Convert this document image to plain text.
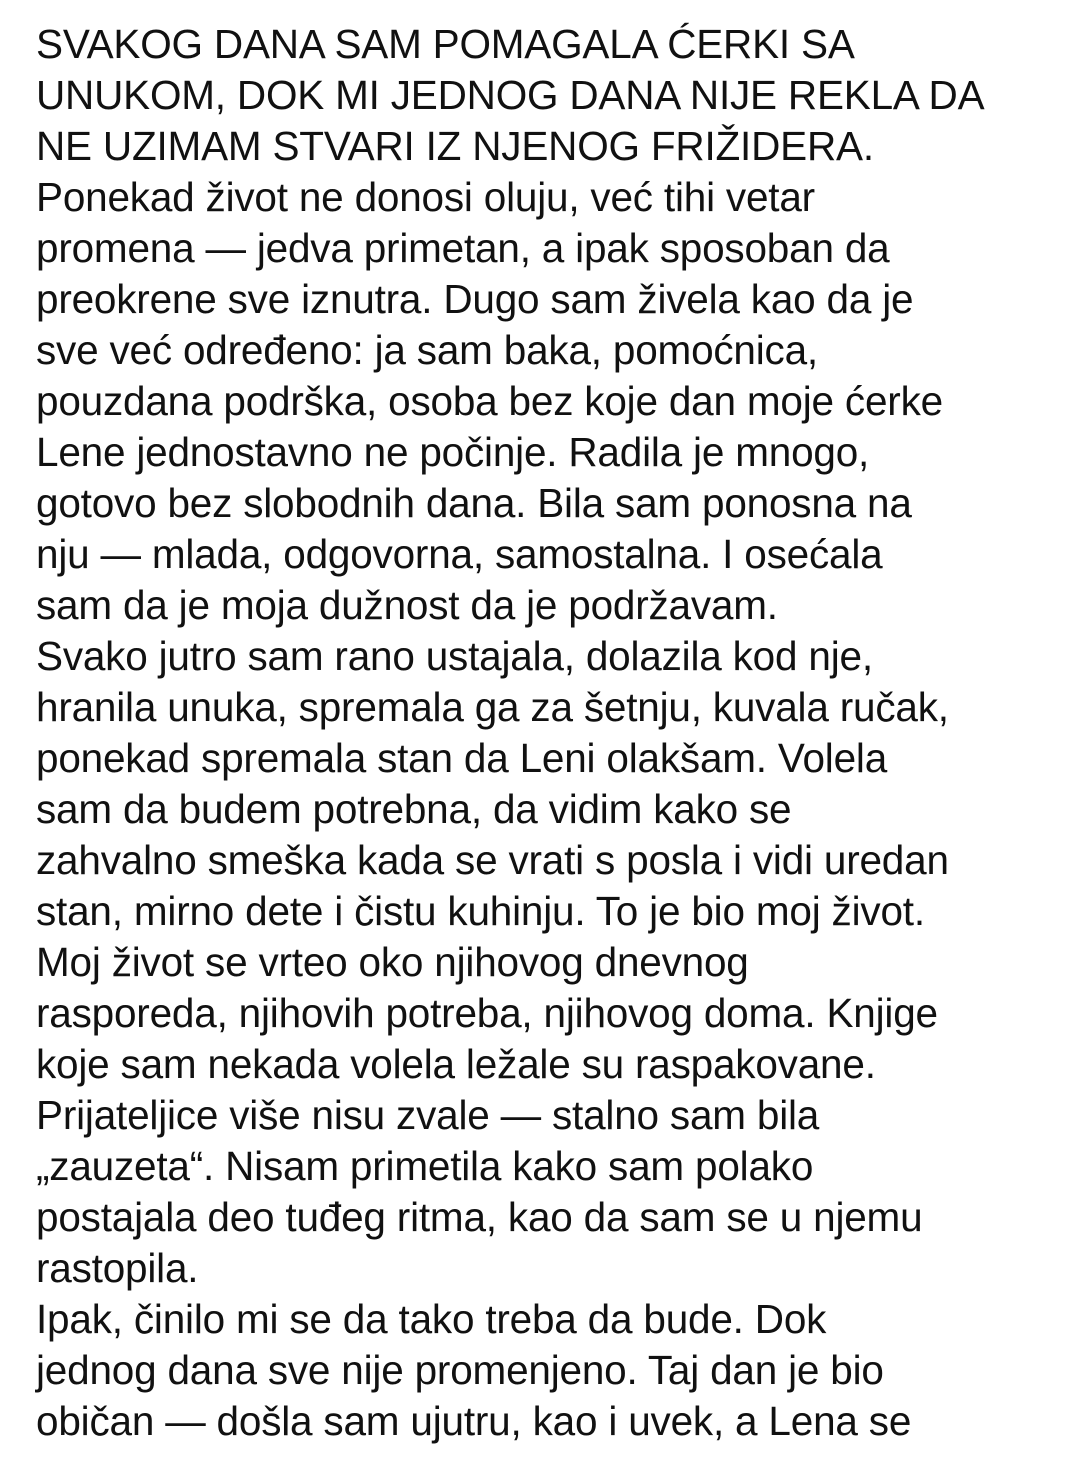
SVAKOG DANA SAM POMAGALA ĆERKI SA
UNUKOM, DOK MI JEDNOG DANA NIJE REKLA DA
NE UZIMAM STVARI IZ NJENOG FRIŽIDERA.
Ponekad život ne donosi oluju, već tihi vetar
promena — jedva primetan, a ipak sposoban da
preokrene sve iznutra. Dugo sam živela kao da je
sve već određeno: ja sam baka, pomoćnica,
pouzdana podrška, osoba bez koje dan moje ćerke
Lene jednostavno ne počinje. Radila je mnogo,
gotovo bez slobodnih dana. Bila sam ponosna na
nju — mlada, odgovorna, samostalna. I osećala
sam da je moja dužnost da je podržavam.
Svako jutro sam rano ustajala, dolazila kod nje,
hranila unuka, spremala ga za šetnju, kuvala ručak,
ponekad spremala stan da Leni olakšam. Volela
sam da budem potrebna, da vidim kako se
zahvalno smeška kada se vrati s posla i vidi uredan
stan, mirno dete i čistu kuhinju. To je bio moj život.
Moj život se vrteo oko njihovog dnevnog
rasporeda, njihovih potreba, njihovog doma. Knjige
koje sam nekada volela ležale su raspakovane.
Prijateljice više nisu zvale — stalno sam bila
„zauzeta“. Nisam primetila kako sam polako
postajala deo tuđeg ritma, kao da sam se u njemu
rastopila.
Ipak, činilo mi se da tako treba da bude. Dok
jednog dana sve nije promenjeno. Taj dan je bio
običan — došla sam ujutru, kao i uvek, a Lena se
